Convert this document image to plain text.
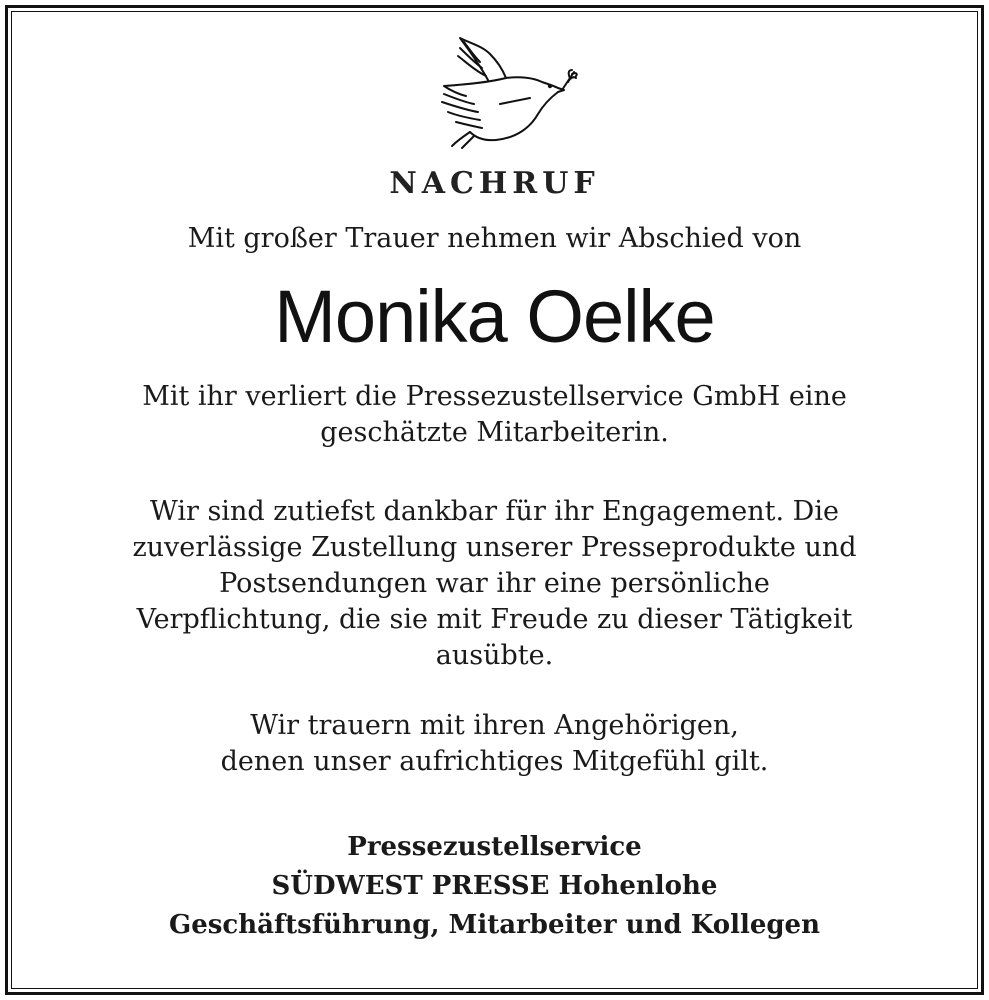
NACHRUF
Mit großer Trauer nehmen wir Abschied von
Monika Oelke
Mit ihr verliert die Pressezustellservice GmbH eine
geschätzte Mitarbeiterin.
Wir sind zutiefst dankbar für ihr Engagement. Die
zuverlässige Zustellung unserer Presseprodukte und
Postsendungen war ihr eine persönliche
Verpflichtung, die sie mit Freude zu dieser Tätigkeit
ausübte.
Wir trauern mit ihren Angehörigen,
denen unser aufrichtiges Mitgefühl gilt.
Pressezustellservice
SÜDWEST PRESSE Hohenlohe
Geschäftsführung, Mitarbeiter und Kollegen
